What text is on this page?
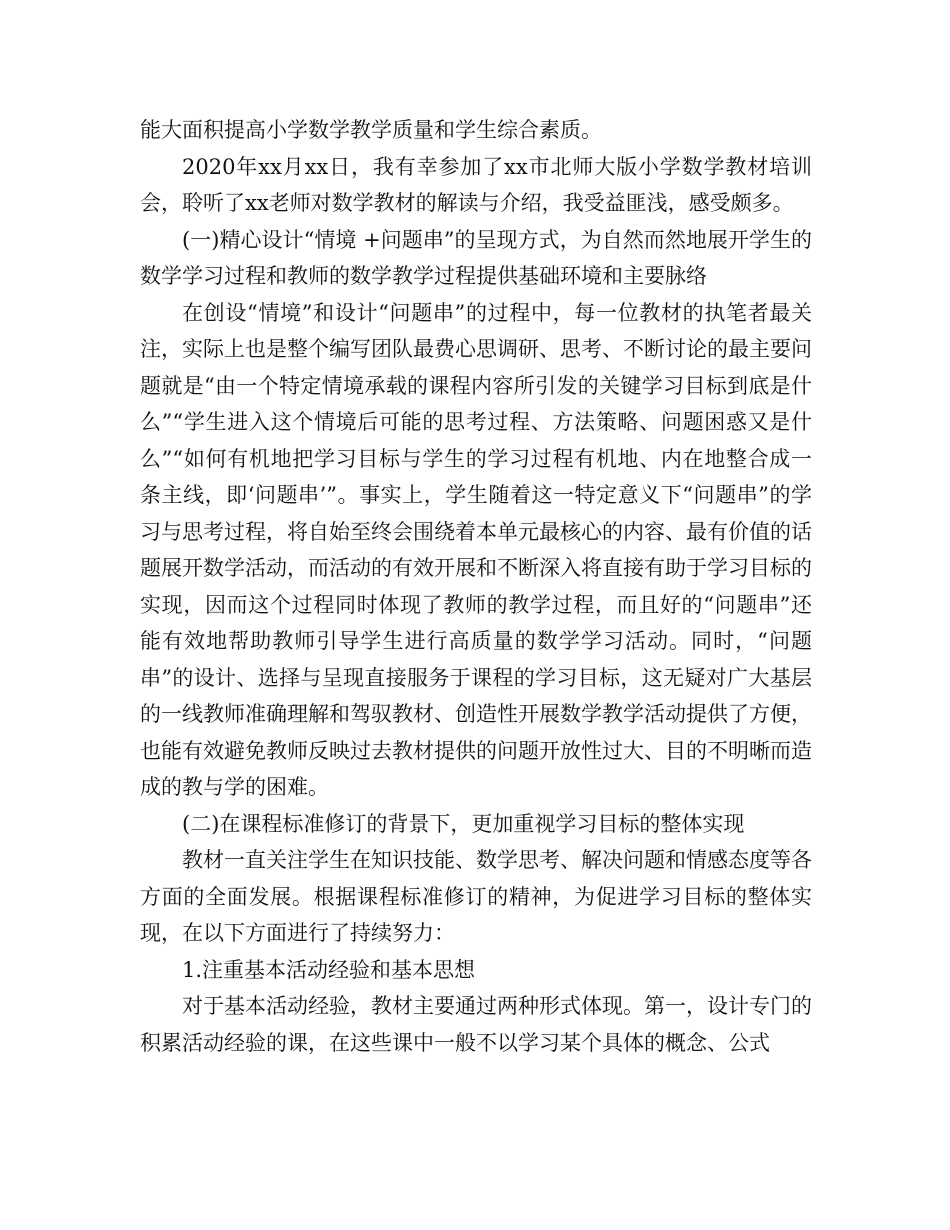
能大面积提高小学数学教学质量和学生综合素质。

2020年xx月xx日，我有幸参加了xx市北师大版小学数学教材培训会，聆听了xx老师对数学教材的解读与介绍，我受益匪浅，感受颇多。

(一)精心设计“情境 +问题串”的呈现方式，为自然而然地展开学生的数学学习过程和教师的数学教学过程提供基础环境和主要脉络

在创设“情境”和设计“问题串”的过程中，每一位教材的执笔者最关注，实际上也是整个编写团队最费心思调研、思考、不断讨论的最主要问题就是“由一个特定情境承载的课程内容所引发的关键学习目标到底是什么”“学生进入这个情境后可能的思考过程、方法策略、问题困惑又是什么”“如何有机地把学习目标与学生的学习过程有机地、内在地整合成一条主线，即‘问题串’”。事实上，学生随着这一特定意义下“问题串”的学习与思考过程，将自始至终会围绕着本单元最核心的内容、最有价值的话题展开数学活动，而活动的有效开展和不断深入将直接有助于学习目标的实现，因而这个过程同时体现了教师的教学过程，而且好的“问题串”还能有效地帮助教师引导学生进行高质量的数学学习活动。同时，“问题串”的设计、选择与呈现直接服务于课程的学习目标，这无疑对广大基层的一线教师准确理解和驾驭教材、创造性开展数学教学活动提供了方便，也能有效避免教师反映过去教材提供的问题开放性过大、目的不明晰而造成的教与学的困难。

(二)在课程标准修订的背景下，更加重视学习目标的整体实现

教材一直关注学生在知识技能、数学思考、解决问题和情感态度等各方面的全面发展。根据课程标准修订的精神，为促进学习目标的整体实现，在以下方面进行了持续努力：

1.注重基本活动经验和基本思想

对于基本活动经验，教材主要通过两种形式体现。第一，设计专门的积累活动经验的课，在这些课中一般不以学习某个具体的概念、公式
